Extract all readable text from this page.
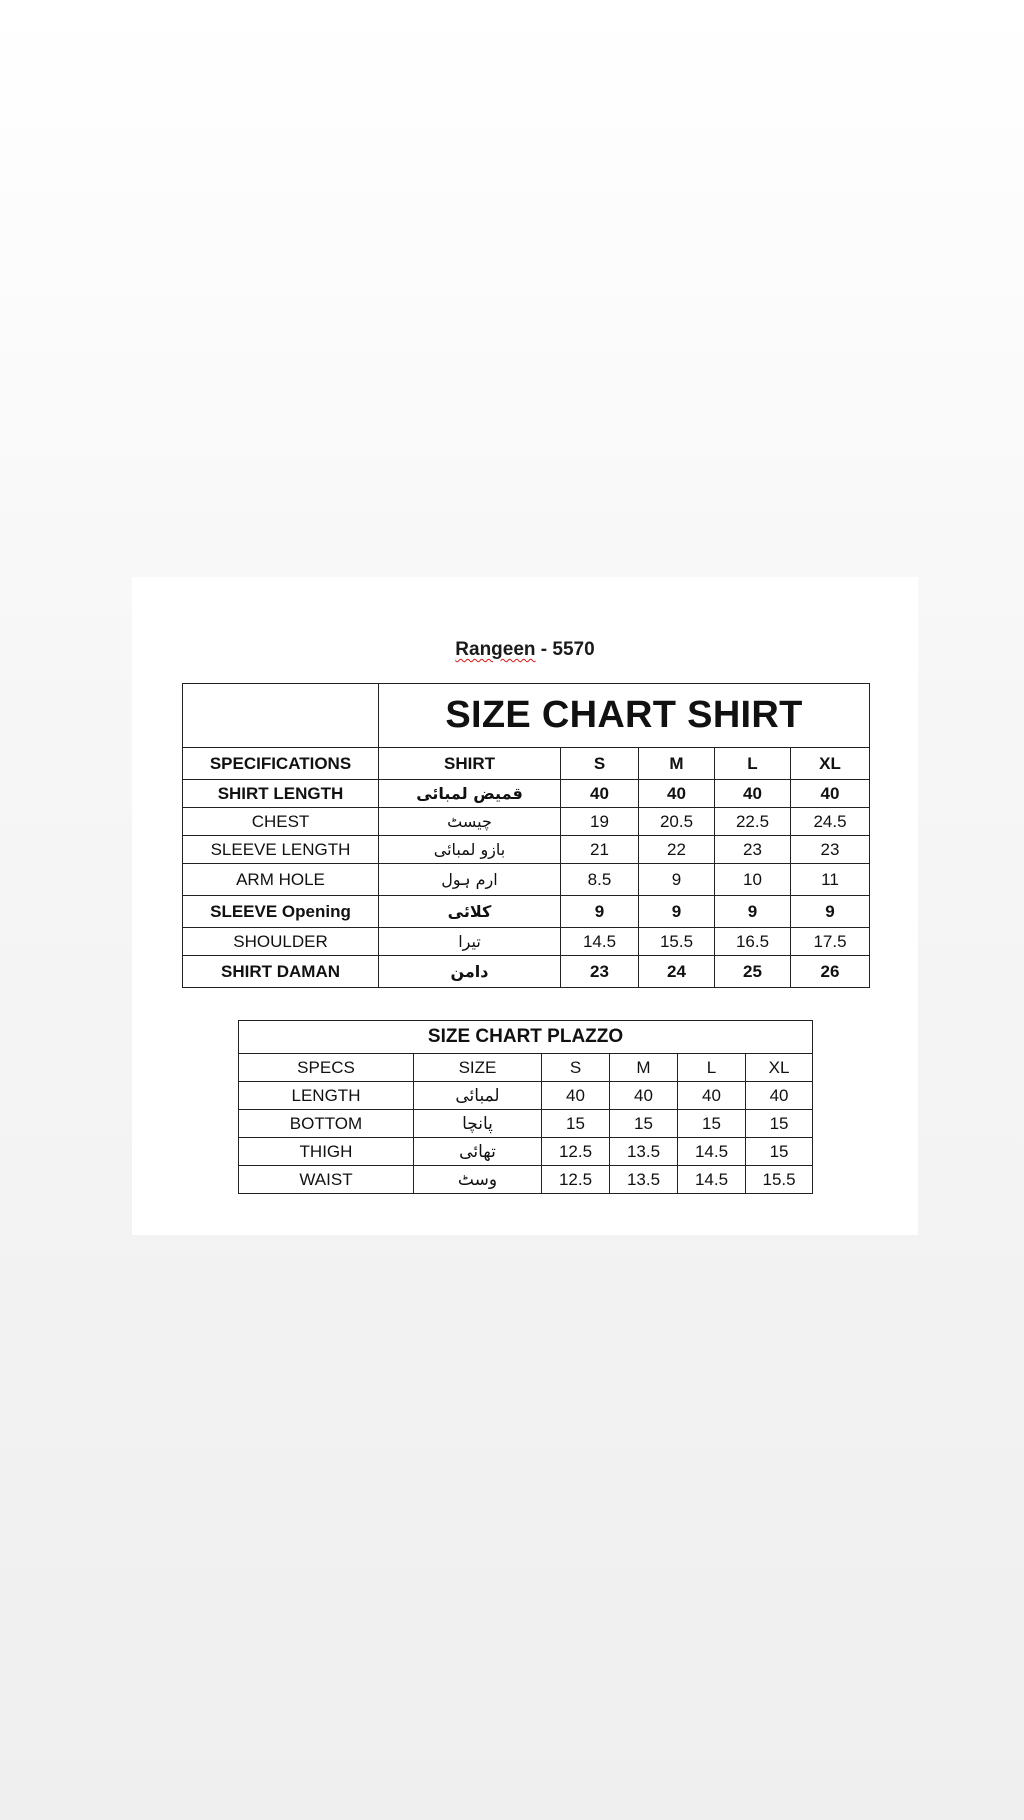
Rangeen - 5570
	SIZE CHART SHIRT				
SPECIFICATIONS	SHIRT	S	M	L	XL
SHIRT LENGTH	قمیض لمبائی	40	40	40	40
CHEST	چیسٹ	19	20.5	22.5	24.5
SLEEVE LENGTH	بازو لمبائی	21	22	23	23
ARM HOLE	ارم ہول	8.5	9	10	11
SLEEVE Opening	کلائی	9	9	9	9
SHOULDER	تیرا	14.5	15.5	16.5	17.5
SHIRT DAMAN	دامن	23	24	25	26
SIZE CHART PLAZZO					
SPECS	SIZE	S	M	L	XL
LENGTH	لمبائی	40	40	40	40
BOTTOM	پانچا	15	15	15	15
THIGH	تھائی	12.5	13.5	14.5	15
WAIST	وسٹ	12.5	13.5	14.5	15.5
